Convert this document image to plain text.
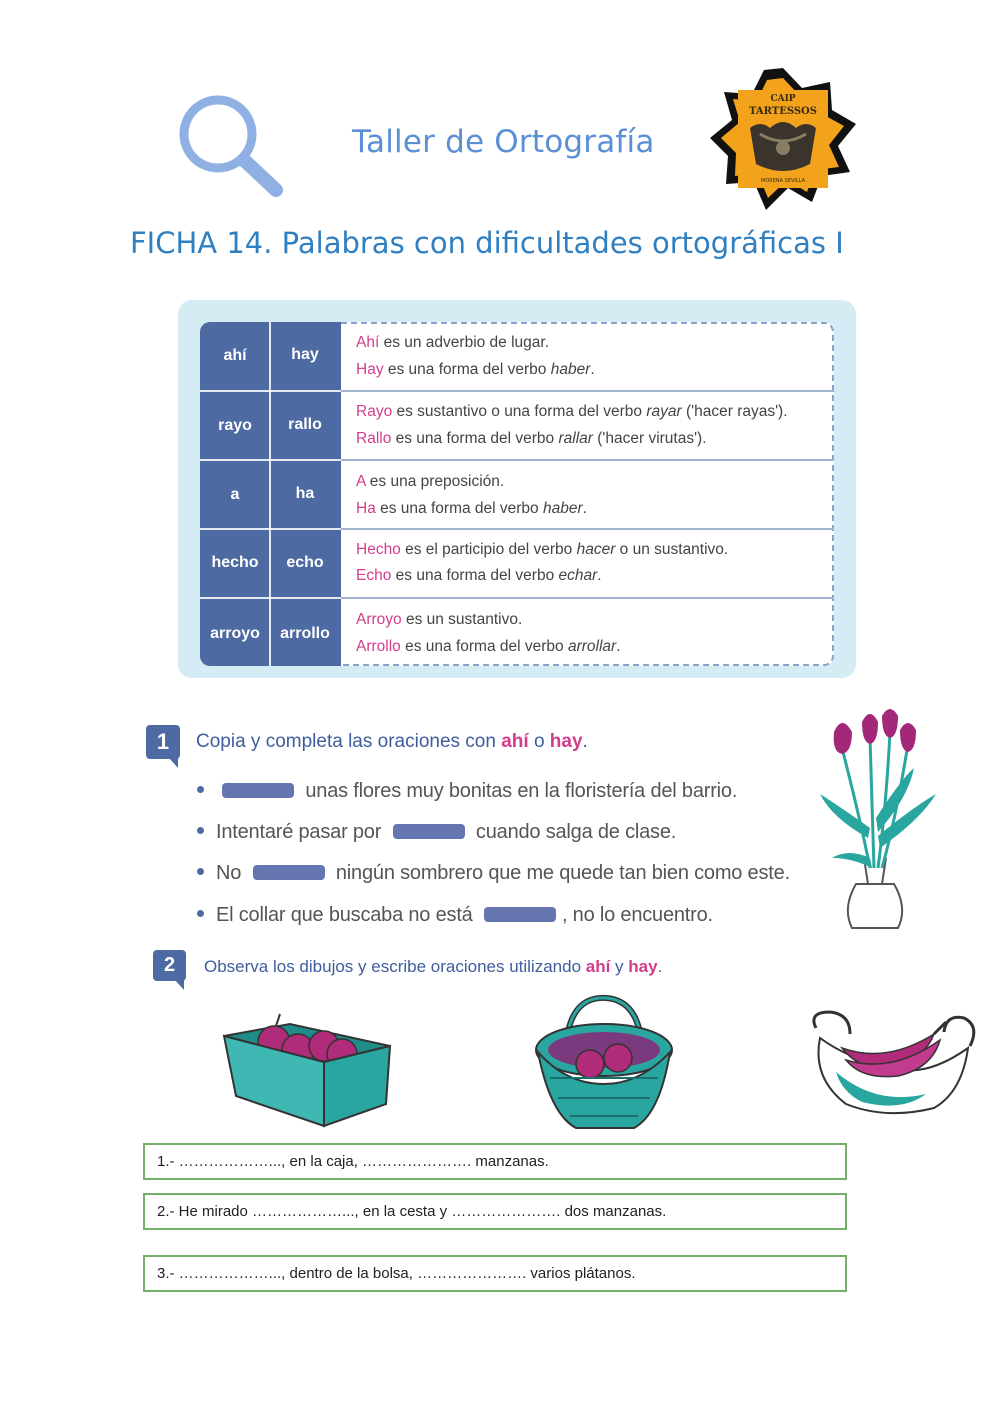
Taller de Ortografía
CAIP
TARTESSOS
MORENA SEVILLA
FICHA 14. Palabras con dificultades ortográficas I
ahí	hay
Ahí es un adverbio de lugar.
Hay es una forma del verbo haber.
rayo	rallo
Rayo es sustantivo o una forma del verbo rayar ('hacer rayas').
Rallo es una forma del verbo rallar ('hacer virutas').
a	ha
A es una preposición.
Ha es una forma del verbo haber.
hecho	echo
Hecho es el participio del verbo hacer o un sustantivo.
Echo es una forma del verbo echar.
arroyo	arrollo
Arroyo es un sustantivo.
Arrollo es una forma del verbo arrollar.
1	Copia y completa las oraciones con ahí o hay.
unas flores muy bonitas en la floristería del barrio.
Intentaré pasar por	cuando salga de clase.
No	ningún sombrero que me quede tan bien como este.
El collar que buscaba no está	, no lo encuentro.
2	Observa los dibujos y escribe oraciones utilizando ahí y hay.
1.- ………………..., en la caja, …………………. manzanas.
2.- He mirado ………………..., en la cesta y …………………. dos manzanas.
3.- ………………..., dentro de la bolsa, …………………. varios plátanos.
